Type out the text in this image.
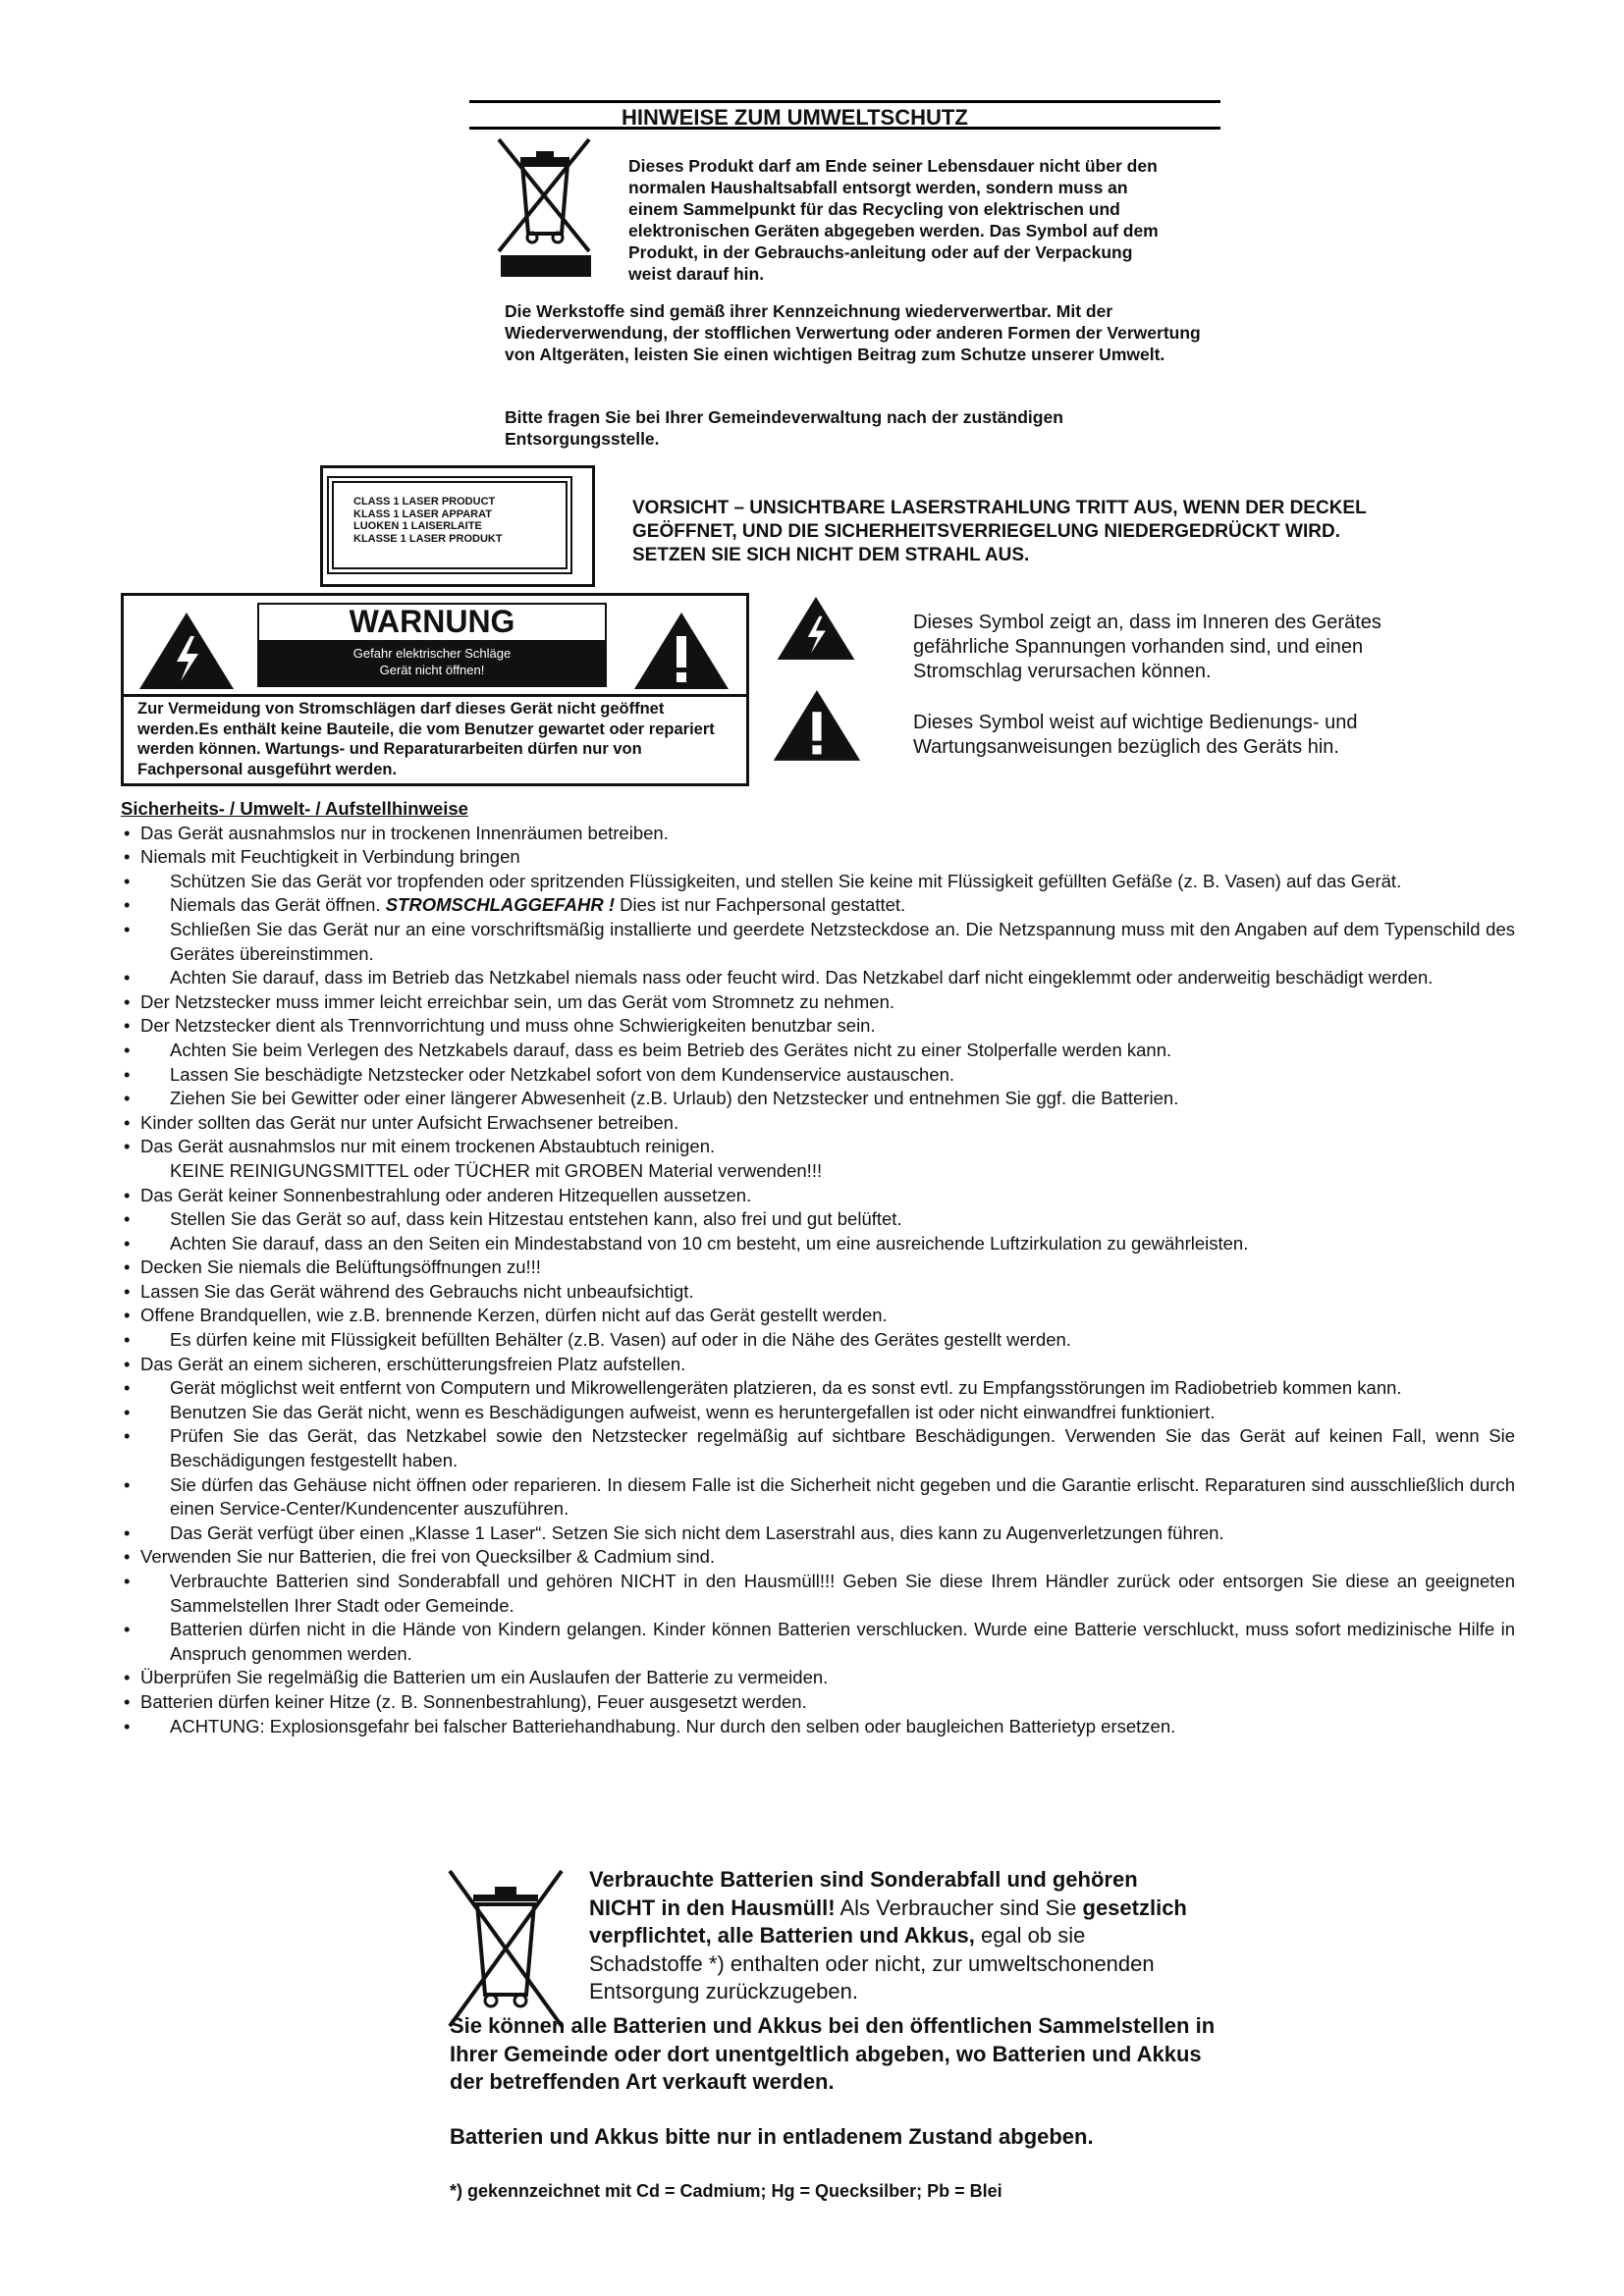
HINWEISE ZUM UMWELTSCHUTZ
Dieses Produkt darf am Ende seiner Lebensdauer nicht über den normalen Haushaltsabfall entsorgt werden, sondern muss an einem Sammelpunkt für das Recycling von elektrischen und elektronischen Geräten abgegeben werden. Das Symbol auf dem Produkt, in der Gebrauchs-anleitung oder auf der Verpackung weist darauf hin.
Die Werkstoffe sind gemäß ihrer Kennzeichnung wiederverwertbar. Mit der Wiederverwendung, der stofflichen Verwertung oder anderen Formen der Verwertung von Altgeräten, leisten Sie einen wichtigen Beitrag zum Schutze unserer Umwelt.
Bitte fragen Sie bei Ihrer Gemeindeverwaltung nach der zuständigen Entsorgungsstelle.
CLASS 1 LASER PRODUCT
KLASS 1 LASER APPARAT
LUOKEN 1 LAISERLAITE
KLASSE 1 LASER PRODUKT
VORSICHT – UNSICHTBARE LASERSTRAHLUNG TRITT AUS, WENN DER DECKEL GEÖFFNET, UND DIE SICHERHEITSVERRIEGELUNG NIEDERGEDRÜCKT WIRD. SETZEN SIE SICH NICHT DEM STRAHL AUS.
WARNUNG
Gefahr elektrischer Schläge
Gerät nicht öffnen!
Zur Vermeidung von Stromschlägen darf dieses Gerät nicht geöffnet werden.Es enthält keine Bauteile, die vom Benutzer gewartet oder repariert werden können. Wartungs- und Reparaturarbeiten dürfen nur von Fachpersonal ausgeführt werden.
Dieses Symbol zeigt an, dass im Inneren des Gerätes gefährliche Spannungen vorhanden sind, und einen Stromschlag verursachen können.
Dieses Symbol weist auf wichtige Bedienungs- und Wartungsanweisungen bezüglich des Geräts hin.

Sicherheits- / Umwelt- / Aufstellhinweise

• Das Gerät ausnahmslos nur in trockenen Innenräumen betreiben.
• Niemals mit Feuchtigkeit in Verbindung bringen
• Schützen Sie das Gerät vor tropfenden oder spritzenden Flüssigkeiten, und stellen Sie keine mit Flüssigkeit gefüllten Gefäße (z. B. Vasen) auf das Gerät.
• Niemals das Gerät öffnen. STROMSCHLAGGEFAHR ! Dies ist nur Fachpersonal gestattet.
• Schließen Sie das Gerät nur an eine vorschriftsmäßig installierte und geerdete Netzsteckdose an. Die Netzspannung muss mit den Angaben auf dem Typenschild des Gerätes übereinstimmen.
• Achten Sie darauf, dass im Betrieb das Netzkabel niemals nass oder feucht wird. Das Netzkabel darf nicht eingeklemmt oder anderweitig beschädigt werden.
• Der Netzstecker muss immer leicht erreichbar sein, um das Gerät vom Stromnetz zu nehmen.
• Der Netzstecker dient als Trennvorrichtung und muss ohne Schwierigkeiten benutzbar sein.
• Achten Sie beim Verlegen des Netzkabels darauf, dass es beim Betrieb des Gerätes nicht zu einer Stolperfalle werden kann.
• Lassen Sie beschädigte Netzstecker oder Netzkabel sofort von dem Kundenservice austauschen.
• Ziehen Sie bei Gewitter oder einer längerer Abwesenheit (z.B. Urlaub) den Netzstecker und entnehmen Sie ggf. die Batterien.
• Kinder sollten das Gerät nur unter Aufsicht Erwachsener betreiben.
• Das Gerät ausnahmslos nur mit einem trockenen Abstaubtuch reinigen.
KEINE REINIGUNGSMITTEL oder TÜCHER mit GROBEN Material verwenden!!!
• Das Gerät keiner Sonnenbestrahlung oder anderen Hitzequellen aussetzen.
• Stellen Sie das Gerät so auf, dass kein Hitzestau entstehen kann, also frei und gut belüftet.
• Achten Sie darauf, dass an den Seiten ein Mindestabstand von 10 cm besteht, um eine ausreichende Luftzirkulation zu gewährleisten.
• Decken Sie niemals die Belüftungsöffnungen zu!!!
• Lassen Sie das Gerät während des Gebrauchs nicht unbeaufsichtigt.
• Offene Brandquellen, wie z.B. brennende Kerzen, dürfen nicht auf das Gerät gestellt werden.
• Es dürfen keine mit Flüssigkeit befüllten Behälter (z.B. Vasen) auf oder in die Nähe des Gerätes gestellt werden.
• Das Gerät an einem sicheren, erschütterungsfreien Platz aufstellen.
• Gerät möglichst weit entfernt von Computern und Mikrowellengeräten platzieren, da es sonst evtl. zu Empfangsstörungen im Radiobetrieb kommen kann.
• Benutzen Sie das Gerät nicht, wenn es Beschädigungen aufweist, wenn es heruntergefallen ist oder nicht einwandfrei funktioniert.
• Prüfen Sie das Gerät, das Netzkabel sowie den Netzstecker regelmäßig auf sichtbare Beschädigungen. Verwenden Sie das Gerät auf keinen Fall, wenn Sie Beschädigungen festgestellt haben.
• Sie dürfen das Gehäuse nicht öffnen oder reparieren. In diesem Falle ist die Sicherheit nicht gegeben und die Garantie erlischt. Reparaturen sind ausschließlich durch einen Service-Center/Kundencenter auszuführen.
• Das Gerät verfügt über einen „Klasse 1 Laser“. Setzen Sie sich nicht dem Laserstrahl aus, dies kann zu Augenverletzungen führen.
• Verwenden Sie nur Batterien, die frei von Quecksilber & Cadmium sind.
• Verbrauchte Batterien sind Sonderabfall und gehören NICHT in den Hausmüll!!! Geben Sie diese Ihrem Händler zurück oder entsorgen Sie diese an geeigneten Sammelstellen Ihrer Stadt oder Gemeinde.
• Batterien dürfen nicht in die Hände von Kindern gelangen. Kinder können Batterien verschlucken. Wurde eine Batterie verschluckt, muss sofort medizinische Hilfe in Anspruch genommen werden.
• Überprüfen Sie regelmäßig die Batterien um ein Auslaufen der Batterie zu vermeiden.
• Batterien dürfen keiner Hitze (z. B. Sonnenbestrahlung), Feuer ausgesetzt werden.
• ACHTUNG: Explosionsgefahr bei falscher Batteriehandhabung. Nur durch den selben oder baugleichen Batterietyp ersetzen.
Verbrauchte Batterien sind Sonderabfall und gehören NICHT in den Hausmüll! Als Verbraucher sind Sie gesetzlich verpflichtet, alle Batterien und Akkus, egal ob sie Schadstoffe *) enthalten oder nicht, zur umweltschonenden Entsorgung zurückzugeben.
Sie können alle Batterien und Akkus bei den öffentlichen Sammelstellen in Ihrer Gemeinde oder dort unentgeltlich abgeben, wo Batterien und Akkus der betreffenden Art verkauft werden.
Batterien und Akkus bitte nur in entladenem Zustand abgeben.
*) gekennzeichnet mit Cd = Cadmium; Hg = Quecksilber; Pb = Blei
